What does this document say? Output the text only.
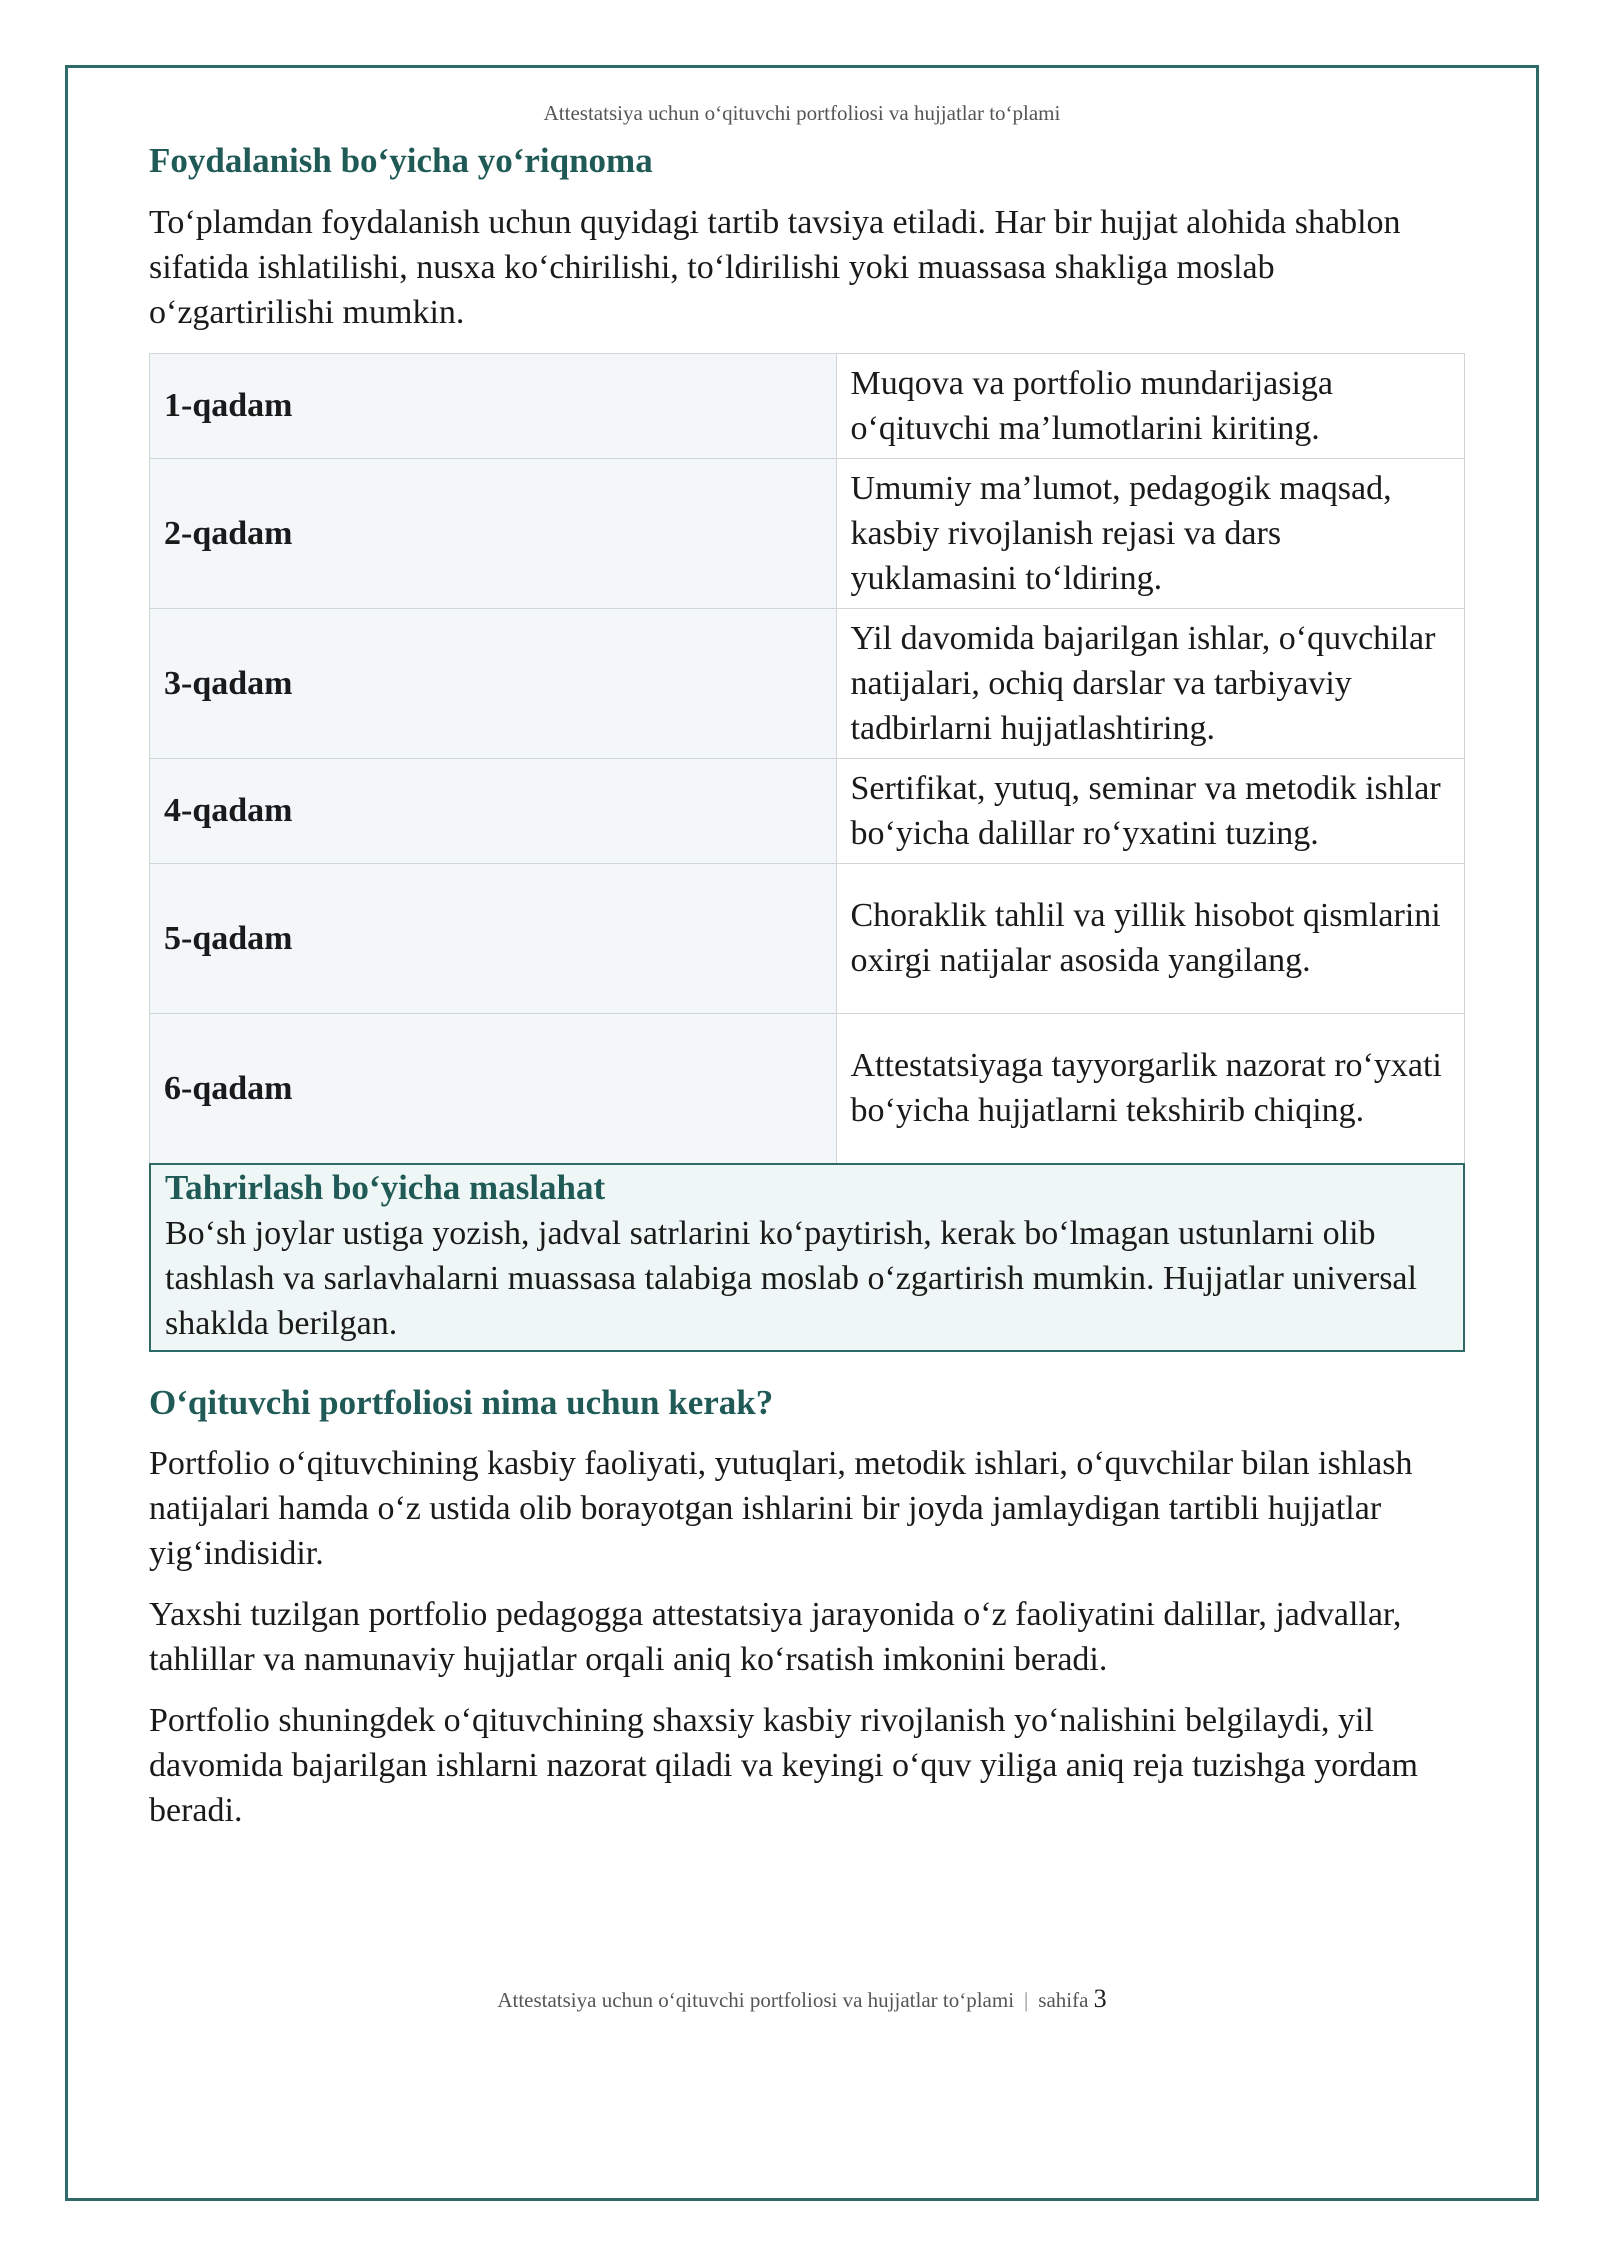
Attestatsiya uchun o‘qituvchi portfoliosi va hujjatlar to‘plami
Foydalanish bo‘yicha yo‘riqnoma

To‘plamdan foydalanish uchun quyidagi tartib tavsiya etiladi. Har bir hujjat alohida shablon sifatida ishlatilishi, nusxa ko‘chirilishi, to‘ldirilishi yoki muassasa shakliga moslab o‘zgartirilishi mumkin.

1-qadam	Muqova va portfolio mundarijasiga o‘qituvchi ma’lumotlarini kiriting.
2-qadam	Umumiy ma’lumot, pedagogik maqsad, kasbiy rivojlanish rejasi va dars yuklamasini to‘ldiring.
3-qadam	Yil davomida bajarilgan ishlar, o‘quvchilar natijalari, ochiq darslar va tarbiyaviy tadbirlarni hujjatlashtiring.
4-qadam	Sertifikat, yutuq, seminar va metodik ishlar bo‘yicha dalillar ro‘yxatini tuzing.
5-qadam	Choraklik tahlil va yillik hisobot qismlarini oxirgi natijalar asosida yangilang.
6-qadam	Attestatsiyaga tayyorgarlik nazorat ro‘yxati bo‘yicha hujjatlarni tekshirib chiqing.
Tahrirlash bo‘yicha maslahat
Bo‘sh joylar ustiga yozish, jadval satrlarini ko‘paytirish, kerak bo‘lmagan ustunlarni olib tashlash va sarlavhalarni muassasa talabiga moslab o‘zgartirish mumkin. Hujjatlar universal shaklda berilgan.
O‘qituvchi portfoliosi nima uchun kerak?

Portfolio o‘qituvchining kasbiy faoliyati, yutuqlari, metodik ishlari, o‘quvchilar bilan ishlash natijalari hamda o‘z ustida olib borayotgan ishlarini bir joyda jamlaydigan tartibli hujjatlar yig‘indisidir.

Yaxshi tuzilgan portfolio pedagogga attestatsiya jarayonida o‘z faoliyatini dalillar, jadvallar, tahlillar va namunaviy hujjatlar orqali aniq ko‘rsatish imkonini beradi.

Portfolio shuningdek o‘qituvchining shaxsiy kasbiy rivojlanish yo‘nalishini belgilaydi, yil davomida bajarilgan ishlarni nazorat qiladi va keyingi o‘quv yiliga aniq reja tuzishga yordam beradi.

Attestatsiya uchun o‘qituvchi portfoliosi va hujjatlar to‘plami | sahifa 3
